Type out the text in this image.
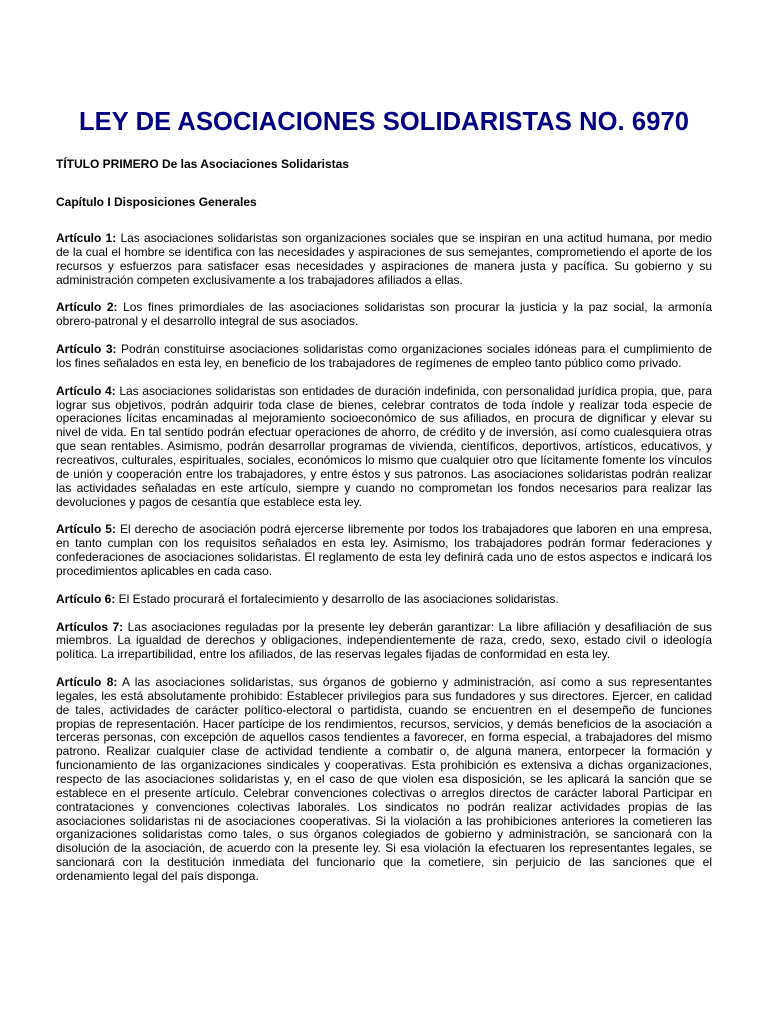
LEY DE ASOCIACIONES SOLIDARISTAS NO. 6970

TÍTULO PRIMERO De las Asociaciones Solidaristas

Capítulo I Disposiciones Generales

Artículo 1: Las asociaciones solidaristas son organizaciones sociales que se inspiran en una actitud humana, por medio de la cual el hombre se identifica con las necesidades y aspiraciones de sus semejantes, comprometiendo el aporte de los recursos y esfuerzos para satisfacer esas necesidades y aspiraciones de manera justa y pacífica. Su gobierno y su administración competen exclusivamente a los trabajadores afiliados a ellas.

Artículo 2: Los fines primordiales de las asociaciones solidaristas son procurar la justicia y la paz social, la armonía obrero-patronal y el desarrollo integral de sus asociados.

Artículo 3: Podrán constituirse asociaciones solidaristas como organizaciones sociales idóneas para el cumplimiento de los fines señalados en esta ley, en beneficio de los trabajadores de regímenes de empleo tanto público como privado.

Artículo 4: Las asociaciones solidaristas son entidades de duración indefinida, con personalidad jurídica propia, que, para lograr sus objetivos, podrán adquirir toda clase de bienes, celebrar contratos de toda índole y realizar toda especie de operaciones lícitas encaminadas al mejoramiento socioeconómico de sus afiliados, en procura de dignificar y elevar su nivel de vida. En tal sentido podrán efectuar operaciones de ahorro, de crédito y de inversión, así como cualesquiera otras que sean rentables. Asimismo, podrán desarrollar programas de vivienda, científicos, deportivos, artísticos, educativos, y recreativos, culturales, espirituales, sociales, económicos lo mismo que cualquier otro que lícitamente fomente los vínculos de unión y cooperación entre los trabajadores, y entre éstos y sus patronos. Las asociaciones solidaristas podrán realizar las actividades señaladas en este artículo, siempre y cuando no comprometan los fondos necesarios para realizar las devoluciones y pagos de cesantía que establece esta ley.

Artículo 5: El derecho de asociación podrá ejercerse libremente por todos los trabajadores que laboren en una empresa, en tanto cumplan con los requisitos señalados en esta ley. Asimismo, los trabajadores podrán formar federaciones y confederaciones de asociaciones solidaristas. El reglamento de esta ley definirá cada uno de estos aspectos e indicará los procedimientos aplicables en cada caso.

Artículo 6: El Estado procurará el fortalecimiento y desarrollo de las asociaciones solidaristas.

Artículos 7: Las asociaciones reguladas por la presente ley deberán garantizar: La libre afiliación y desafiliación de sus miembros. La igualdad de derechos y obligaciones, independientemente de raza, credo, sexo, estado civil o ideología política. La irrepartibilidad, entre los afiliados, de las reservas legales fijadas de conformidad en esta ley.

Artículo 8: A las asociaciones solidaristas, sus órganos de gobierno y administración, así como a sus representantes legales, les está absolutamente prohibido: Establecer privilegios para sus fundadores y sus directores. Ejercer, en calidad de tales, actividades de carácter político-electoral o partidista, cuando se encuentren en el desempeño de funciones propias de representación. Hacer partícipe de los rendimientos, recursos, servicios, y demás beneficios de la asociación a terceras personas, con excepción de aquellos casos tendientes a favorecer, en forma especial, a trabajadores del mismo patrono. Realizar cualquier clase de actividad tendiente a combatir o, de alguna manera, entorpecer la formación y funcionamiento de las organizaciones sindicales y cooperativas. Esta prohibición es extensiva a dichas organizaciones, respecto de las asociaciones solidaristas y, en el caso de que violen esa disposición, se les aplicará la sanción que se establece en el presente artículo. Celebrar convenciones colectivas o arreglos directos de carácter laboral Participar en contrataciones y convenciones colectivas laborales. Los sindicatos no podrán realizar actividades propias de las asociaciones solidaristas ni de asociaciones cooperativas. Si la violación a las prohibiciones anteriores la cometieren las organizaciones solidaristas como tales, o sus órganos colegiados de gobierno y administración, se sancionará con la disolución de la asociación, de acuerdo con la presente ley. Si esa violación la efectuaren los representantes legales, se sancionará con la destitución inmediata del funcionario que la cometiere, sin perjuicio de las sanciones que el ordenamiento legal del país disponga.
